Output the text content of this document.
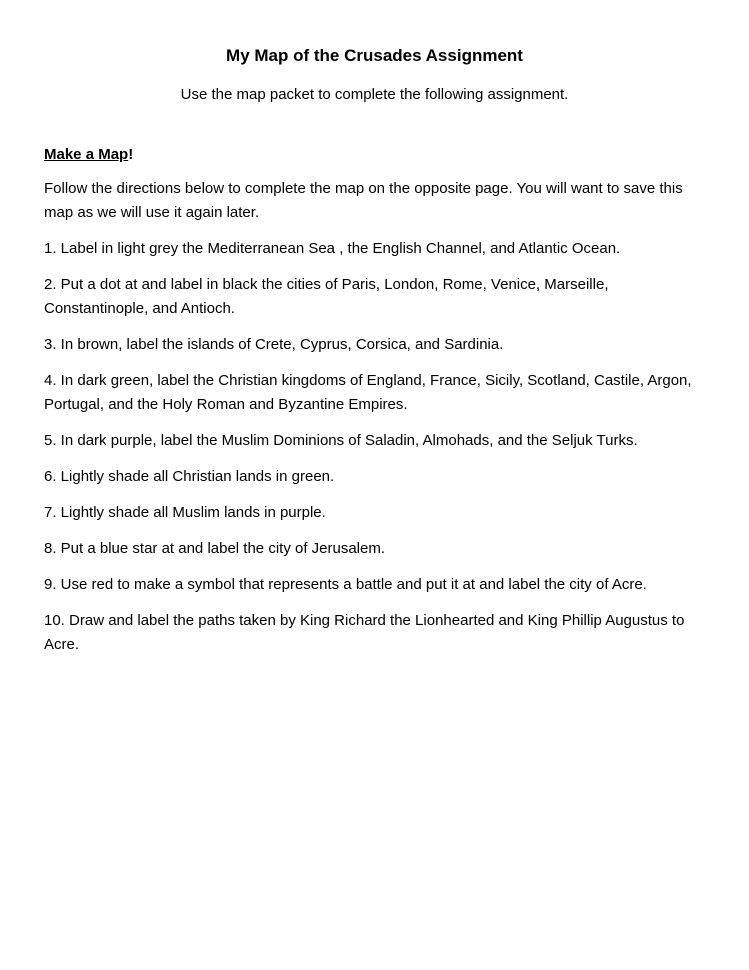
My Map of the Crusades Assignment
Use the map packet to complete the following assignment.
Make a Map!
Follow the directions below to complete the map on the opposite page. You will want to save this map as we will use it again later.
1. Label in light grey the Mediterranean Sea , the English Channel, and Atlantic Ocean.
2. Put a dot at and label in black the cities of Paris, London, Rome, Venice, Marseille, Constantinople, and Antioch.
3. In brown, label the islands of Crete, Cyprus, Corsica, and Sardinia.
4. In dark green, label the Christian kingdoms of England, France, Sicily, Scotland, Castile, Argon, Portugal, and the Holy Roman and Byzantine Empires.
5. In dark purple, label the Muslim Dominions of Saladin, Almohads, and the Seljuk Turks.
6. Lightly shade all Christian lands in green.
7. Lightly shade all Muslim lands in purple.
8. Put a blue star at and label the city of Jerusalem.
9. Use red to make a symbol that represents a battle and put it at and label the city of Acre.
10. Draw and label the paths taken by King Richard the Lionhearted and King Phillip Augustus to Acre.
